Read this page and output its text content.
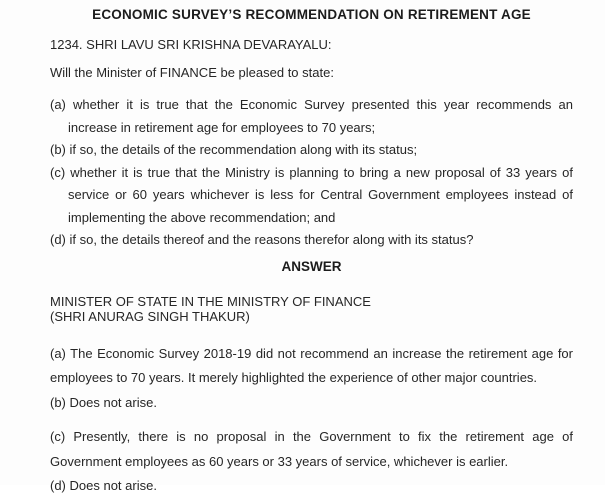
ECONOMIC SURVEY’S RECOMMENDATION ON RETIREMENT AGE
1234. SHRI LAVU SRI KRISHNA DEVARAYALU:
Will the Minister of FINANCE be pleased to state:
(a) whether it is true that the Economic Survey presented this year recommends an increase in retirement age for employees to 70 years;
(b) if so, the details of the recommendation along with its status;
(c) whether it is true that the Ministry is planning to bring a new proposal of 33 years of service or 60 years whichever is less for Central Government employees instead of implementing the above recommendation; and
(d) if so, the details thereof and the reasons therefor along with its status?
ANSWER
MINISTER OF STATE IN THE MINISTRY OF FINANCE
(SHRI ANURAG SINGH THAKUR)
(a) The Economic Survey 2018-19 did not recommend an increase the retirement age for employees to 70 years. It merely highlighted the experience of other major countries.
(b) Does not arise.
(c) Presently, there is no proposal in the Government to fix the retirement age of Government employees as 60 years or 33 years of service, whichever is earlier.
(d) Does not arise.
